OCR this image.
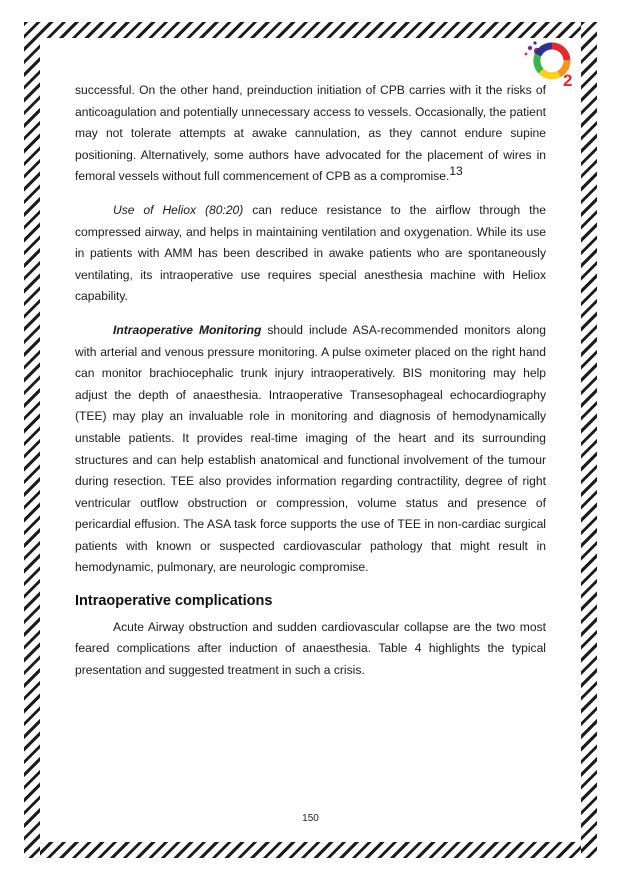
2

successful. On the other hand, preinduction initiation of CPB carries with it the risks of anticoagulation and potentially unnecessary access to vessels. Occasionally, the patient may not tolerate attempts at awake cannulation, as they cannot endure supine positioning. Alternatively, some authors have advocated for the placement of wires in femoral vessels without full commencement of CPB as a compromise.$^{13}$

Use of Heliox (80:20) can reduce resistance to the airflow through the compressed airway, and helps in maintaining ventilation and oxygenation. While its use in patients with AMM has been described in awake patients who are spontaneously ventilating, its intraoperative use requires special anesthesia machine with Heliox capability.

Intraoperative Monitoring should include ASA-recommended monitors along with arterial and venous pressure monitoring. A pulse oximeter placed on the right hand can monitor brachiocephalic trunk injury intraoperatively. BIS monitoring may help adjust the depth of anaesthesia. Intraoperative Transesophageal echocardiography (TEE) may play an invaluable role in monitoring and diagnosis of hemodynamically unstable patients. It provides real-time imaging of the heart and its surrounding structures and can help establish anatomical and functional involvement of the tumour during resection. TEE also provides information regarding contractility, degree of right ventricular outflow obstruction or compression, volume status and presence of pericardial effusion. The ASA task force supports the use of TEE in non-cardiac surgical patients with known or suspected cardiovascular pathology that might result in hemodynamic, pulmonary, are neurologic compromise.

Intraoperative complications

Acute Airway obstruction and sudden cardiovascular collapse are the two most feared complications after induction of anaesthesia. Table 4 highlights the typical presentation and suggested treatment in such a crisis.

150
